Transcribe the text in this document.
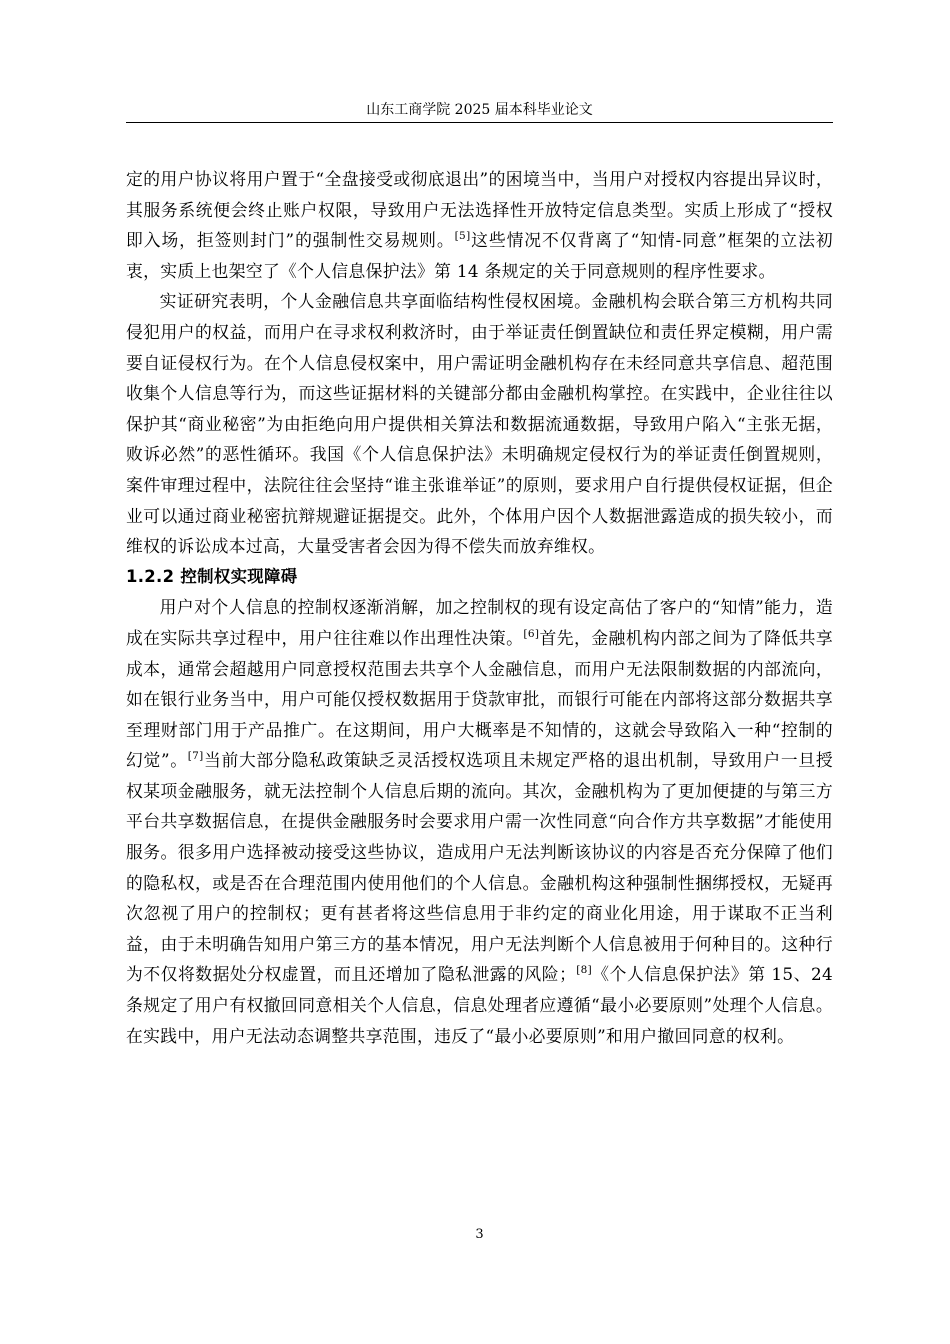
山东工商学院 2025 届本科毕业论文

定的用户协议将用户置于“全盘接受或彻底退出”的困境当中，当用户对授权内容提出异议时，其服务系统便会终止账户权限，导致用户无法选择性开放特定信息类型。实质上形成了“授权即入场，拒签则封门”的强制性交易规则。[5]这些情况不仅背离了“知情-同意”框架的立法初衷，实质上也架空了《个人信息保护法》第 14 条规定的关于同意规则的程序性要求。

实证研究表明，个人金融信息共享面临结构性侵权困境。金融机构会联合第三方机构共同侵犯用户的权益，而用户在寻求权利救济时，由于举证责任倒置缺位和责任界定模糊，用户需要自证侵权行为。在个人信息侵权案中，用户需证明金融机构存在未经同意共享信息、超范围收集个人信息等行为，而这些证据材料的关键部分都由金融机构掌控。在实践中，企业往往以保护其“商业秘密”为由拒绝向用户提供相关算法和数据流通数据，导致用户陷入“主张无据，败诉必然”的恶性循环。我国《个人信息保护法》未明确规定侵权行为的举证责任倒置规则，案件审理过程中，法院往往会坚持“谁主张谁举证”的原则，要求用户自行提供侵权证据，但企业可以通过商业秘密抗辩规避证据提交。此外，个体用户因个人数据泄露造成的损失较小，而维权的诉讼成本过高，大量受害者会因为得不偿失而放弃维权。

1.2.2 控制权实现障碍

用户对个人信息的控制权逐渐消解，加之控制权的现有设定高估了客户的“知情”能力，造成在实际共享过程中，用户往往难以作出理性决策。[6]首先，金融机构内部之间为了降低共享成本，通常会超越用户同意授权范围去共享个人金融信息，而用户无法限制数据的内部流向，如在银行业务当中，用户可能仅授权数据用于贷款审批，而银行可能在内部将这部分数据共享至理财部门用于产品推广。在这期间，用户大概率是不知情的，这就会导致陷入一种“控制的幻觉”。[7]当前大部分隐私政策缺乏灵活授权选项且未规定严格的退出机制，导致用户一旦授权某项金融服务，就无法控制个人信息后期的流向。其次，金融机构为了更加便捷的与第三方平台共享数据信息，在提供金融服务时会要求用户需一次性同意“向合作方共享数据”才能使用服务。很多用户选择被动接受这些协议，造成用户无法判断该协议的内容是否充分保障了他们的隐私权，或是否在合理范围内使用他们的个人信息。金融机构这种强制性捆绑授权，无疑再次忽视了用户的控制权；更有甚者将这些信息用于非约定的商业化用途，用于谋取不正当利益，由于未明确告知用户第三方的基本情况，用户无法判断个人信息被用于何种目的。这种行为不仅将数据处分权虚置，而且还增加了隐私泄露的风险；[8]《个人信息保护法》第 15、24 条规定了用户有权撤回同意相关个人信息，信息处理者应遵循“最小必要原则”处理个人信息。在实践中，用户无法动态调整共享范围，违反了“最小必要原则”和用户撤回同意的权利。

3
